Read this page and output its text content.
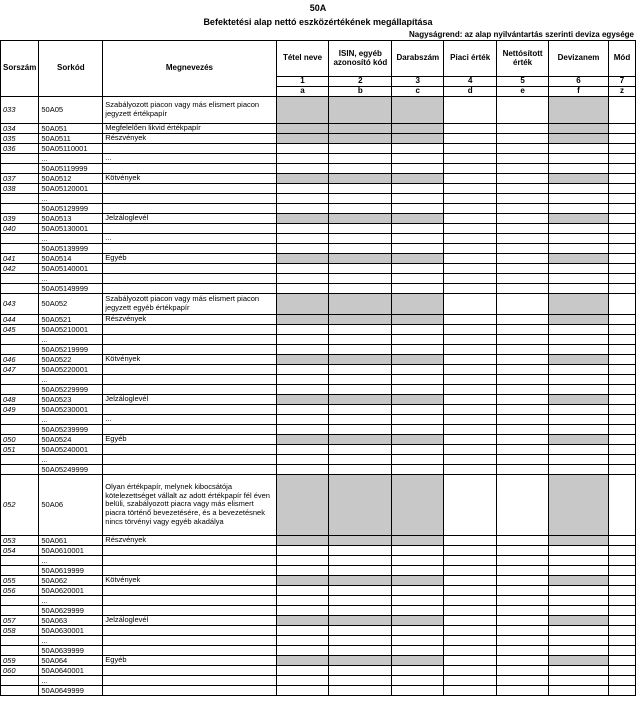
50A
Befektetési alap nettó eszközértékének megállapítása
Nagyságrend: az alap nyilvántartás szerinti deviza egysége
Sorszám	Sorkód	Megnevezés	Tétel neve	ISIN, egyéb azonosító kód	Darabszám	Piaci érték	Nettósított érték	Devizanem	Mód
			1	2	3	4	5	6	7
			a	b	c	d	e	f	z
033	50A05	Szabályozott piacon vagy más elismert piacon jegyzett értékpapír							
034	50A051	Megfelelően likvid értékpapír							
035	50A0511	Részvények							
036	50A05110001								
	...	...							
	50A05119999								
037	50A0512	Kötvények							
038	50A05120001								
	...								
	50A05129999								
039	50A0513	Jelzáloglevél							
040	50A05130001								
	...	...							
	50A05139999								
041	50A0514	Egyéb							
042	50A05140001								
	...								
	50A05149999								
043	50A052	Szabályozott piacon vagy más elismert piacon jegyzett egyéb értékpapír							
044	50A0521	Részvények							
045	50A05210001								
	...								
	50A05219999								
046	50A0522	Kötvények							
047	50A05220001								
	...								
	50A05229999								
048	50A0523	Jelzáloglevél							
049	50A05230001								
	...	...							
	50A05239999								
050	50A0524	Egyéb							
051	50A05240001								
	...								
	50A05249999								
052	50A06	Olyan értékpapír, melynek kibocsátója kötelezettséget vállalt az adott értékpapír fél éven belüli, szabályozott piacra vagy más elismert piacra történő bevezetésére, és a bevezetésnek nincs törvényi vagy egyéb akadálya							
053	50A061	Részvények							
054	50A0610001								
	...								
	50A0619999								
055	50A062	Kötvények							
056	50A0620001								
	...								
	50A0629999								
057	50A063	Jelzáloglevél							
058	50A0630001								
	...								
	50A0639999								
059	50A064	Egyéb							
060	50A0640001								
	...								
	50A0649999								
